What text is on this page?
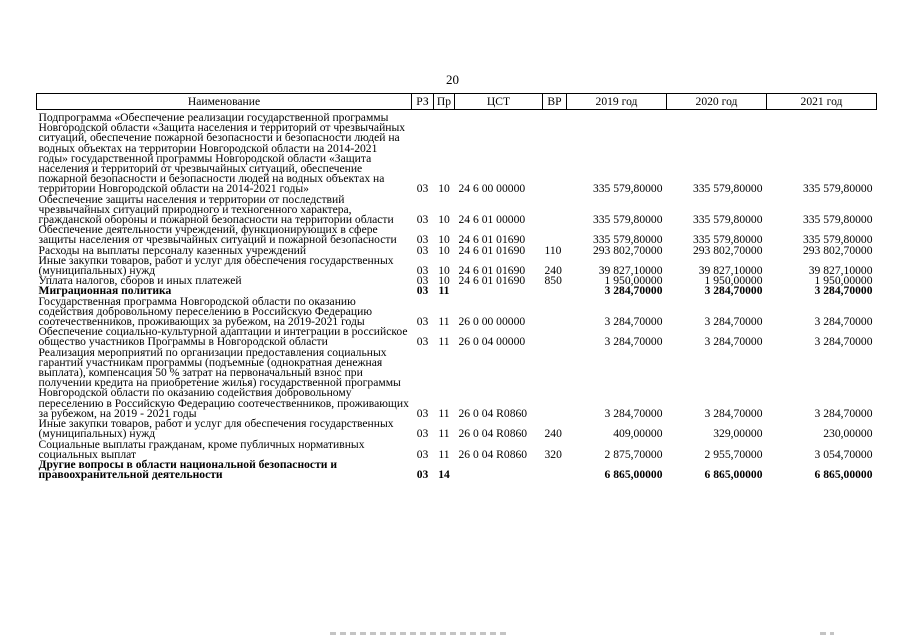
20
Наименование	РЗ	Пр	ЦСТ	ВР	2019 год	2020 год	2021 год
Подпрограмма «Обеспечение реализации государственной программы Новгородской области «Защита населения и территорий от чрезвычайных ситуаций, обеспечение пожарной безопасности и безопасности людей на водных объектах на территории Новгородской области на 2014-2021 годы» государственной программы Новгородской области «Защита населения и территорий от чрезвычайных ситуаций, обеспечение пожарной безопасности и безопасности людей на водных объектах на территории Новгородской области на 2014-2021 годы»	03	10	24 6 00 00000		335 579,80000	335 579,80000	335 579,80000
Обеспечение защиты населения и территории от последствий чрезвычайных ситуаций природного и техногенного характера, гражданской обороны и пожарной безопасности на территории области	03	10	24 6 01 00000		335 579,80000	335 579,80000	335 579,80000
Обеспечение деятельности учреждений, функционирующих в сфере защиты населения от чрезвычайных ситуаций и пожарной безопасности	03	10	24 6 01 01690		335 579,80000	335 579,80000	335 579,80000
Расходы на выплаты персоналу казенных учреждений	03	10	24 6 01 01690	110	293 802,70000	293 802,70000	293 802,70000
Иные закупки товаров, работ и услуг для обеспечения государственных (муниципальных) нужд	03	10	24 6 01 01690	240	39 827,10000	39 827,10000	39 827,10000
Уплата налогов, сборов и иных платежей	03	10	24 6 01 01690	850	1 950,00000	1 950,00000	1 950,00000
Миграционная политика	03	11			3 284,70000	3 284,70000	3 284,70000
Государственная программа Новгородской области по оказанию содействия добровольному переселению в Российскую Федерацию соотечественников, проживающих за рубежом, на 2019-2021 годы	03	11	26 0 00 00000		3 284,70000	3 284,70000	3 284,70000
Обеспечение социально-культурной адаптации и интеграции в российское общество участников Программы в Новгородской области	03	11	26 0 04 00000		3 284,70000	3 284,70000	3 284,70000
Реализация мероприятий по организации предоставления социальных гарантий участникам программы (подъемные (однократная денежная выплата), компенсация 50 % затрат на первоначальный взнос при получении кредита на приобретение жилья) государственной программы Новгородской области по оказанию содействия добровольному переселению в Российскую Федерацию соотечественников, проживающих за рубежом, на 2019 - 2021 годы	03	11	26 0 04 R0860		3 284,70000	3 284,70000	3 284,70000
Иные закупки товаров, работ и услуг для обеспечения государственных (муниципальных) нужд	03	11	26 0 04 R0860	240	409,00000	329,00000	230,00000
Социальные выплаты гражданам, кроме публичных нормативных социальных выплат	03	11	26 0 04 R0860	320	2 875,70000	2 955,70000	3 054,70000
Другие вопросы в области национальной безопасности и правоохранительной деятельности	03	14			6 865,00000	6 865,00000	6 865,00000
